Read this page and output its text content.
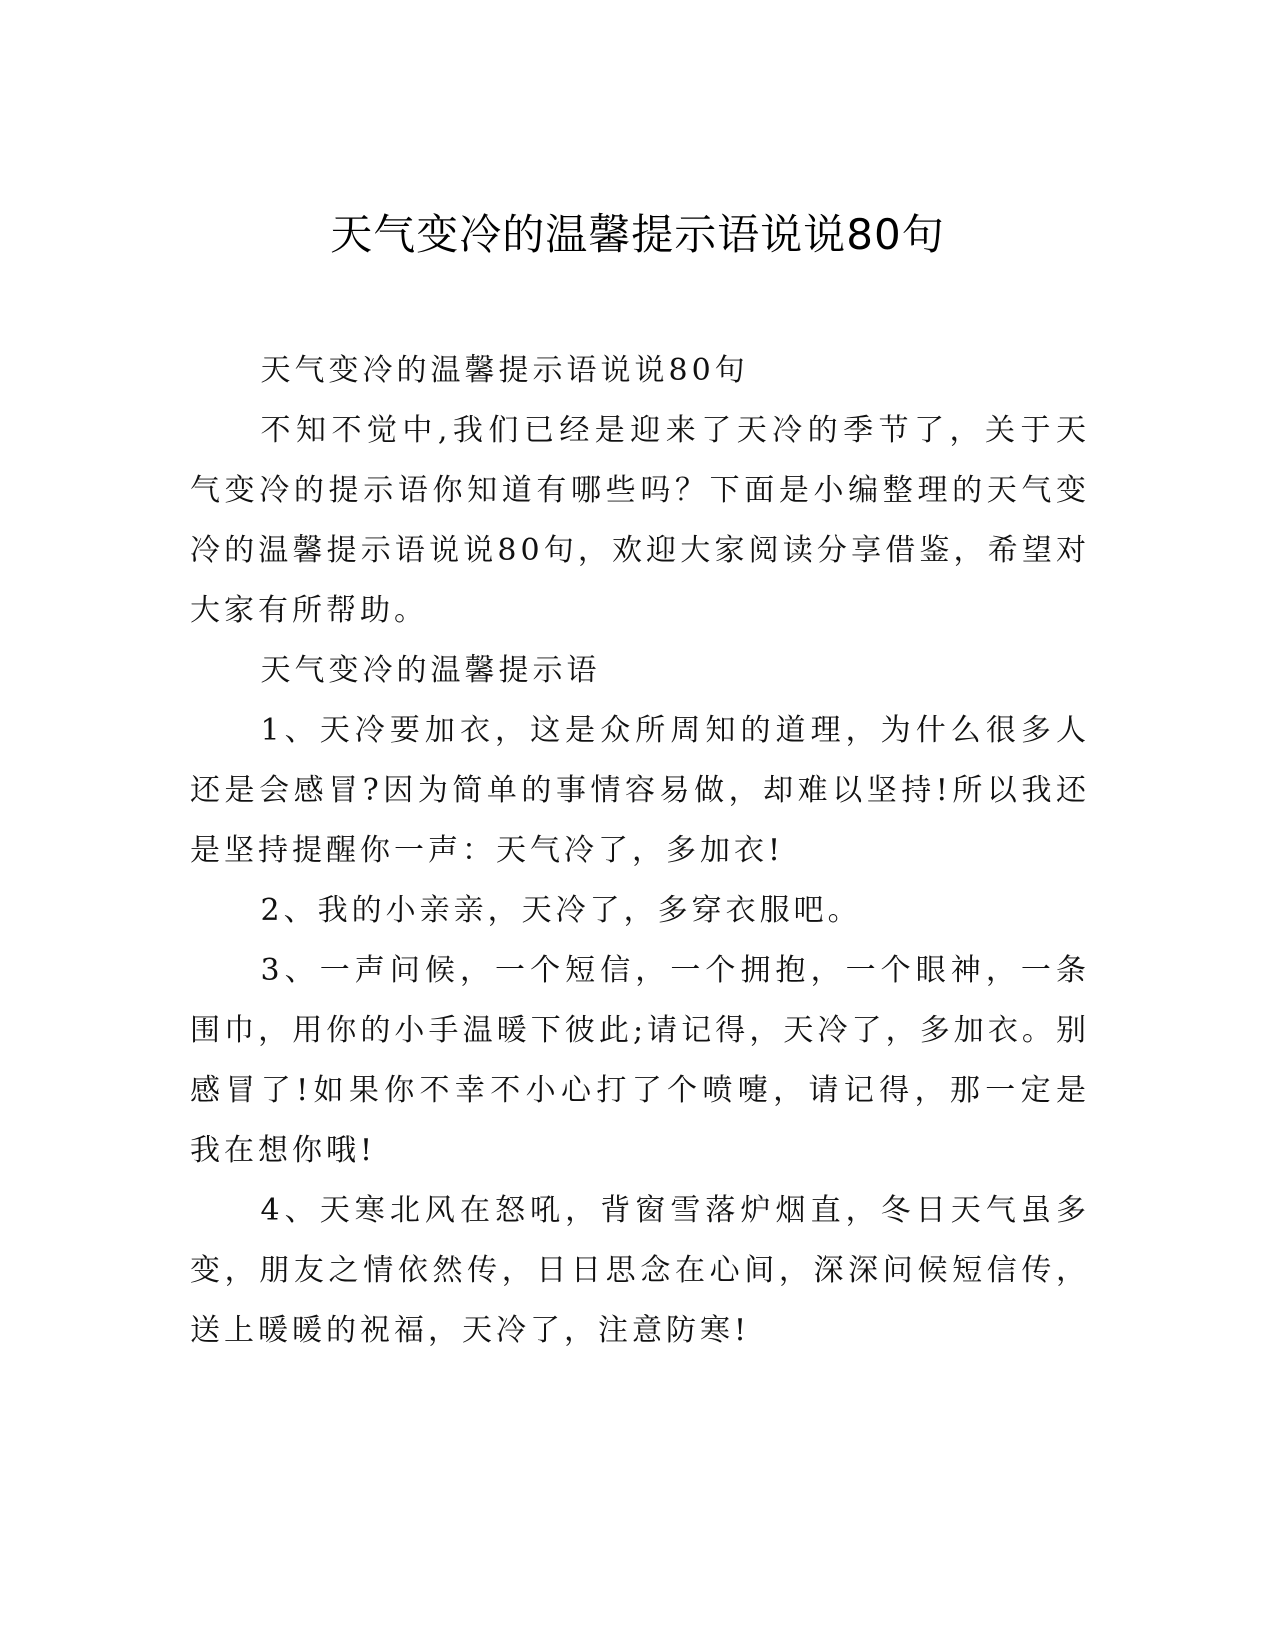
天气变冷的温馨提示语说说80句

天气变冷的温馨提示语说说80句

不知不觉中,我们已经是迎来了天冷的季节了，关于天气变冷的提示语你知道有哪些吗？下面是小编整理的天气变冷的温馨提示语说说80句，欢迎大家阅读分享借鉴，希望对大家有所帮助。

天气变冷的温馨提示语

1、天冷要加衣，这是众所周知的道理，为什么很多人还是会感冒?因为简单的事情容易做，却难以坚持!所以我还是坚持提醒你一声：天气冷了，多加衣!

2、我的小亲亲，天冷了，多穿衣服吧。

3、一声问候，一个短信，一个拥抱，一个眼神，一条围巾，用你的小手温暖下彼此;请记得，天冷了，多加衣。别感冒了!如果你不幸不小心打了个喷嚏，请记得，那一定是我在想你哦!

4、天寒北风在怒吼，背窗雪落炉烟直，冬日天气虽多变，朋友之情依然传，日日思念在心间，深深问候短信传，送上暖暖的祝福，天冷了，注意防寒!
